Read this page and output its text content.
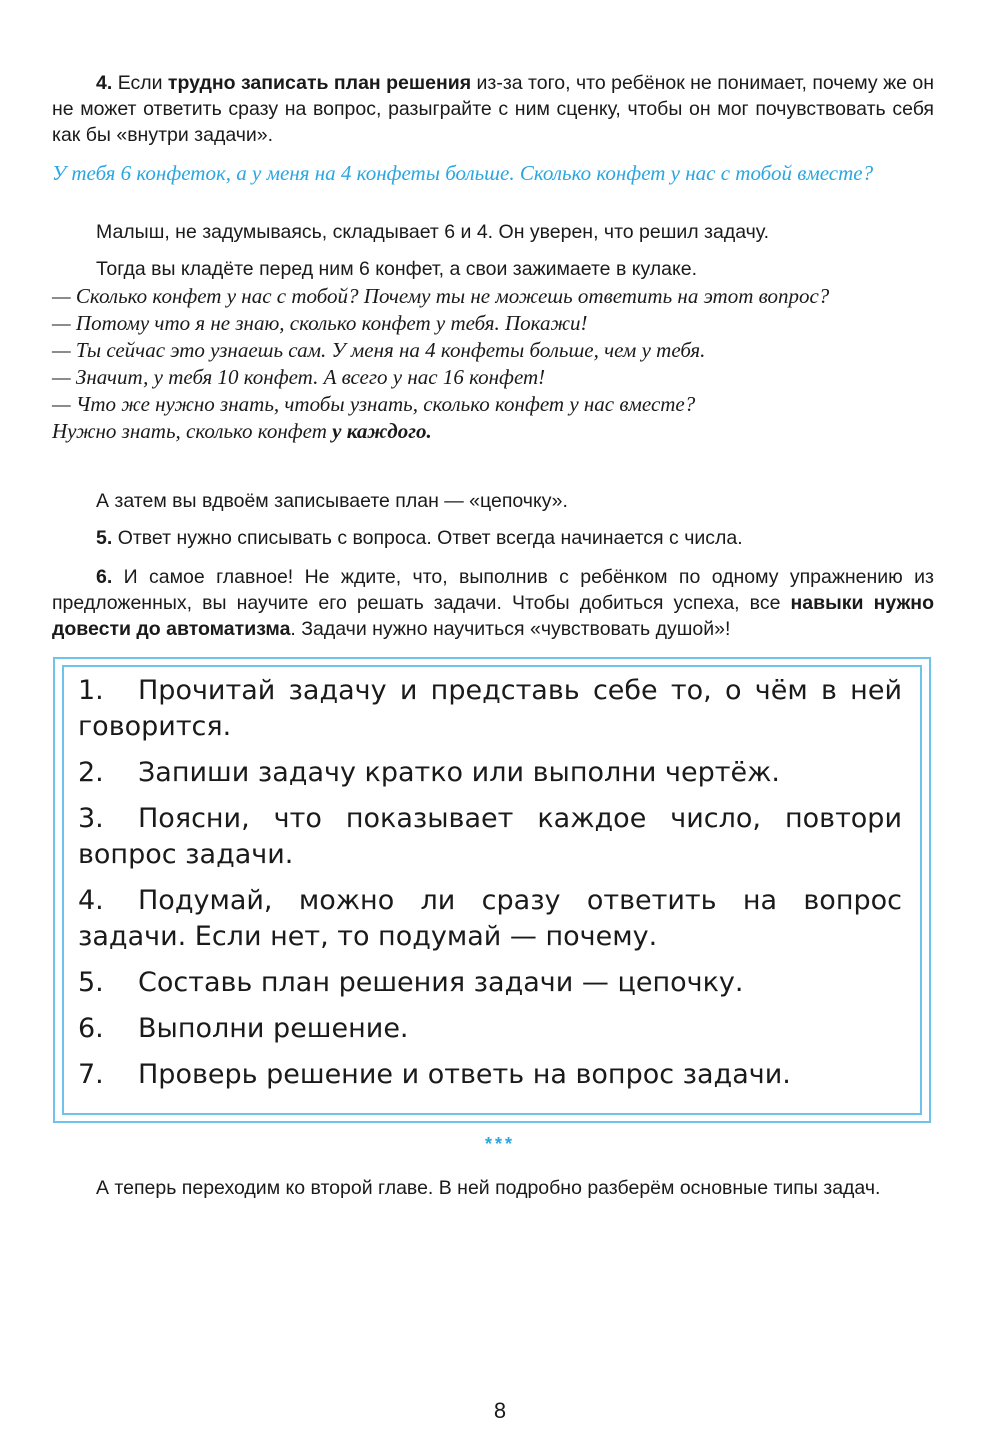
4. Если трудно записать план решения из-за того, что ребёнок не понимает, почему же он не может ответить сразу на вопрос, разыграйте с ним сценку, чтобы он мог почувствовать себя как бы «внутри задачи».

У тебя 6 конфеток, а у меня на 4 конфеты больше. Сколько конфет у нас с тобой вместе?

Малыш, не задумываясь, складывает 6 и 4. Он уверен, что решил задачу.

Тогда вы кладёте перед ним 6 конфет, а свои зажимаете в кулаке.

— Сколько конфет у нас с тобой? Почему ты не можешь ответить на этот вопрос?

— Потому что я не знаю, сколько конфет у тебя. Покажи!

— Ты сейчас это узнаешь сам. У меня на 4 конфеты больше, чем у тебя.

— Значит, у тебя 10 конфет. А всего у нас 16 конфет!

— Что же нужно знать, чтобы узнать, сколько конфет у нас вместе?

Нужно знать, сколько конфет у каждого.

А затем вы вдвоём записываете план — «цепочку».

5. Ответ нужно списывать с вопроса. Ответ всегда начинается с числа.

6. И самое главное! Не ждите, что, выполнив с ребёнком по одному упражнению из предложенных, вы научите его решать задачи. Чтобы добиться успеха, все навыки нужно довести до автоматизма. Задачи нужно научиться «чувствовать душой»!

1. Прочитай задачу и представь себе то, о чём в ней говорится.
2. Запиши задачу кратко или выполни чертёж.
3. Поясни, что показывает каждое число, повтори вопрос задачи.
4. Подумай, можно ли сразу ответить на вопрос задачи. Если нет, то подумай — почему.
5. Составь план решения задачи — цепочку.
6. Выполни решение.
7. Проверь решение и ответь на вопрос задачи.
***

А теперь переходим ко второй главе. В ней подробно разберём основные типы задач.

8
